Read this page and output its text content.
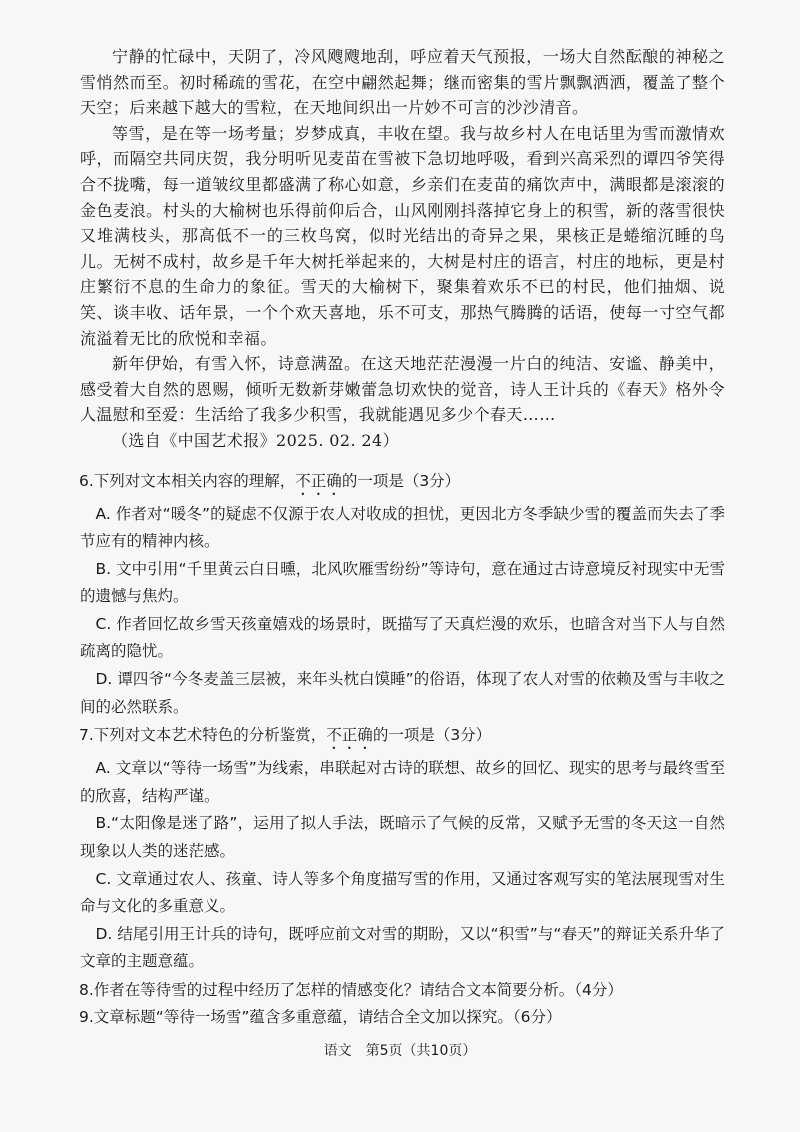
宁静的忙碌中，天阴了，冷风飕飕地刮，呼应着天气预报，一场大自然酝酿的神秘之雪悄然而至。初时稀疏的雪花，在空中翩然起舞；继而密集的雪片飘飘洒洒，覆盖了整个天空；后来越下越大的雪粒，在天地间织出一片妙不可言的沙沙清音。

等雪，是在等一场考量；岁梦成真，丰收在望。我与故乡村人在电话里为雪而激情欢呼，而隔空共同庆贺，我分明听见麦苗在雪被下急切地呼吸，看到兴高采烈的谭四爷笑得合不拢嘴，每一道皱纹里都盛满了称心如意，乡亲们在麦苗的痛饮声中，满眼都是滚滚的金色麦浪。村头的大榆树也乐得前仰后合，山风刚刚抖落掉它身上的积雪，新的落雪很快又堆满枝头，那高低不一的三枚鸟窝，似时光结出的奇异之果，果核正是蜷缩沉睡的鸟儿。无树不成村，故乡是千年大树托举起来的，大树是村庄的语言，村庄的地标，更是村庄繁衍不息的生命力的象征。雪天的大榆树下，聚集着欢乐不已的村民，他们抽烟、说笑、谈丰收、话年景，一个个欢天喜地，乐不可支，那热气腾腾的话语，使每一寸空气都流溢着无比的欣悦和幸福。

新年伊始，有雪入怀，诗意满盈。在这天地茫茫漫漫一片白的纯洁、安谧、静美中，感受着大自然的恩赐，倾听无数新芽嫩蕾急切欢快的觉音，诗人王计兵的《春天》格外令人温慰和至爱：生活给了我多少积雪，我就能遇见多少个春天……

（选自《中国艺术报》2025. 02. 24）

6.下列对文本相关内容的理解，不正确的一项是（3分）

A. 作者对“暖冬”的疑虑不仅源于农人对收成的担忧，更因北方冬季缺少雪的覆盖而失去了季节应有的精神内核。

B. 文中引用“千里黄云白日曛，北风吹雁雪纷纷”等诗句，意在通过古诗意境反衬现实中无雪的遗憾与焦灼。

C. 作者回忆故乡雪天孩童嬉戏的场景时，既描写了天真烂漫的欢乐，也暗含对当下人与自然疏离的隐忧。

D. 谭四爷“今冬麦盖三层被，来年头枕白馍睡”的俗语，体现了农人对雪的依赖及雪与丰收之间的必然联系。

7.下列对文本艺术特色的分析鉴赏，不正确的一项是（3分）

A. 文章以“等待一场雪”为线索，串联起对古诗的联想、故乡的回忆、现实的思考与最终雪至的欣喜，结构严谨。

B.“太阳像是迷了路”，运用了拟人手法，既暗示了气候的反常，又赋予无雪的冬天这一自然现象以人类的迷茫感。

C. 文章通过农人、孩童、诗人等多个角度描写雪的作用，又通过客观写实的笔法展现雪对生命与文化的多重意义。

D. 结尾引用王计兵的诗句，既呼应前文对雪的期盼，又以“积雪”与“春天”的辩证关系升华了文章的主题意蕴。

8.作者在等待雪的过程中经历了怎样的情感变化？请结合文本简要分析。（4分）

9.文章标题“等待一场雪”蕴含多重意蕴，请结合全文加以探究。（6分）

语文 第5页（共10页）
